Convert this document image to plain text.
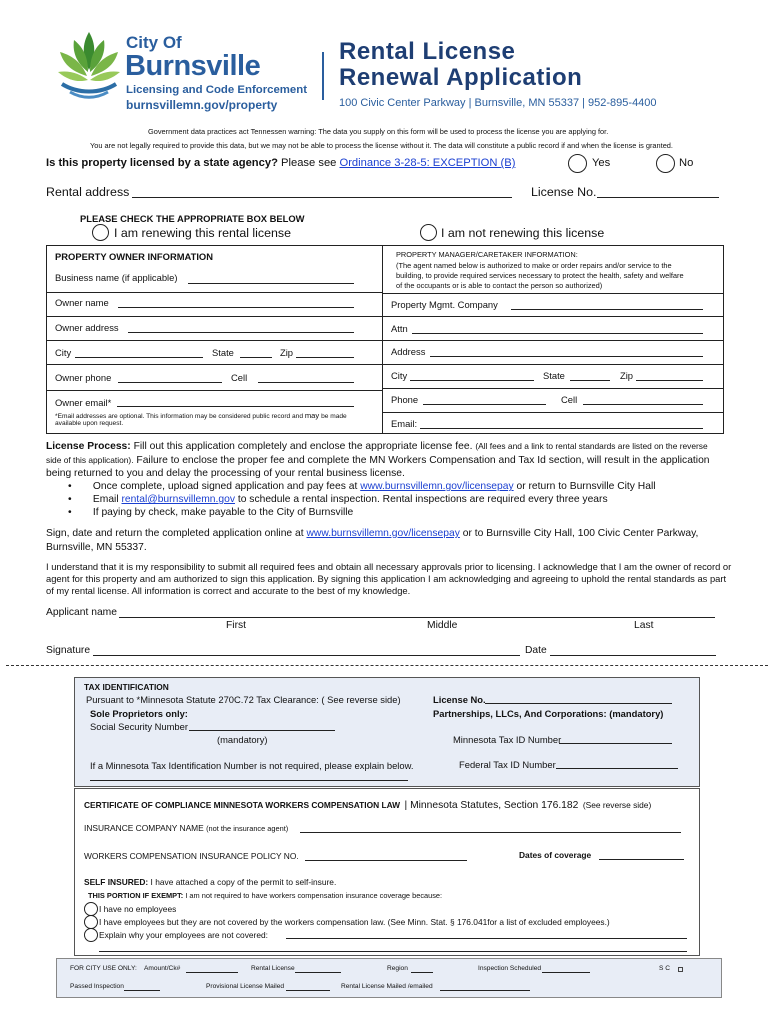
City Of
Burnsville
Licensing and Code Enforcement
burnsvillemn.gov/property
Rental License
Renewal Application
100 Civic Center Parkway | Burnsville, MN 55337 | 952-895-4400
Government data practices act Tennessen warning: The data you supply on this form will be used to process the license you are applying for.
You are not legally required to provide this data, but we may not be able to process the license without it. The data will constitute a public record if and when the license is granted.
Is this property licensed by a state agency? Please see Ordinance 3-28-5: EXCEPTION (B)	Yes	No
Rental address	License No.
PLEASE CHECK THE APPROPRIATE BOX BELOW
I am renewing this rental license	I am not renewing this license
PROPERTY OWNER INFORMATION
Business name (if applicable)
Owner name
Owner address
City	State	Zip
Owner phone	Cell
Owner email*
*Email addresses are optional. This information may be considered public record and may be made
available upon request.
PROPERTY MANAGER/CARETAKER INFORMATION:
(The agent named below is authorized to make or order repairs and/or service to the
building, to provide required services necessary to protect the health, safety and welfare
of the occupants or is able to contact the person so authorized)
Property Mgmt. Company
Attn
Address
City	State	Zip
Phone	Cell
Email:
License Process: Fill out this application completely and enclose the appropriate license fee. (All fees and a link to rental standards are listed on the reverse
side of this application). Failure to enclose the proper fee and complete the MN Workers Compensation and Tax Id section, will result in the application
being returned to you and delay the processing of your rental business license.
• Once complete, upload signed application and pay fees at www.burnsvillemn.gov/licensepay or return to Burnsville City Hall
• Email rental@burnsvillemn.gov to schedule a rental inspection. Rental inspections are required every three years
• If paying by check, make payable to the City of Burnsville
Sign, date and return the completed application online at www.burnsvillemn.gov/licensepay or to Burnsville City Hall, 100 Civic Center Parkway,
Burnsville, MN 55337.
I understand that it is my responsibility to submit all required fees and obtain all necessary approvals prior to licensing. I acknowledge that I am the owner of record or
agent for this property and am authorized to sign this application. By signing this application I am acknowledging and agreeing to uphold the rental standards as part
of my rental license. All information is correct and accurate to the best of my knowledge.
Applicant name
First	Middle	Last
Signature	Date
TAX IDENTIFICATION
Pursuant to *Minnesota Statute 270C.72 Tax Clearance: ( See reverse side)	License No.
Sole Proprietors only:	Partnerships, LLCs, And Corporations: (mandatory)
Social Security Number
(mandatory)	Minnesota Tax ID Number
If a Minnesota Tax Identification Number is not required, please explain below.	Federal Tax ID Number
CERTIFICATE OF COMPLIANCE MINNESOTA WORKERS COMPENSATION LAW | Minnesota Statutes, Section 176.182 (See reverse side)
INSURANCE COMPANY NAME (not the insurance agent)
WORKERS COMPENSATION INSURANCE POLICY NO.	Dates of coverage
SELF INSURED: I have attached a copy of the permit to self-insure.
THIS PORTION IF EXEMPT: I am not required to have workers compensation insurance coverage because:
I have no employees
I have employees but they are not covered by the workers compensation law. (See Minn. Stat. § 176.041for a list of excluded employees.)
Explain why your employees are not covered:
FOR CITY USE ONLY: Amount/Ck#	Rental License	Region	Inspection Scheduled	S C
Passed Inspection	Provisional License Mailed	Rental License Mailed /emailed
